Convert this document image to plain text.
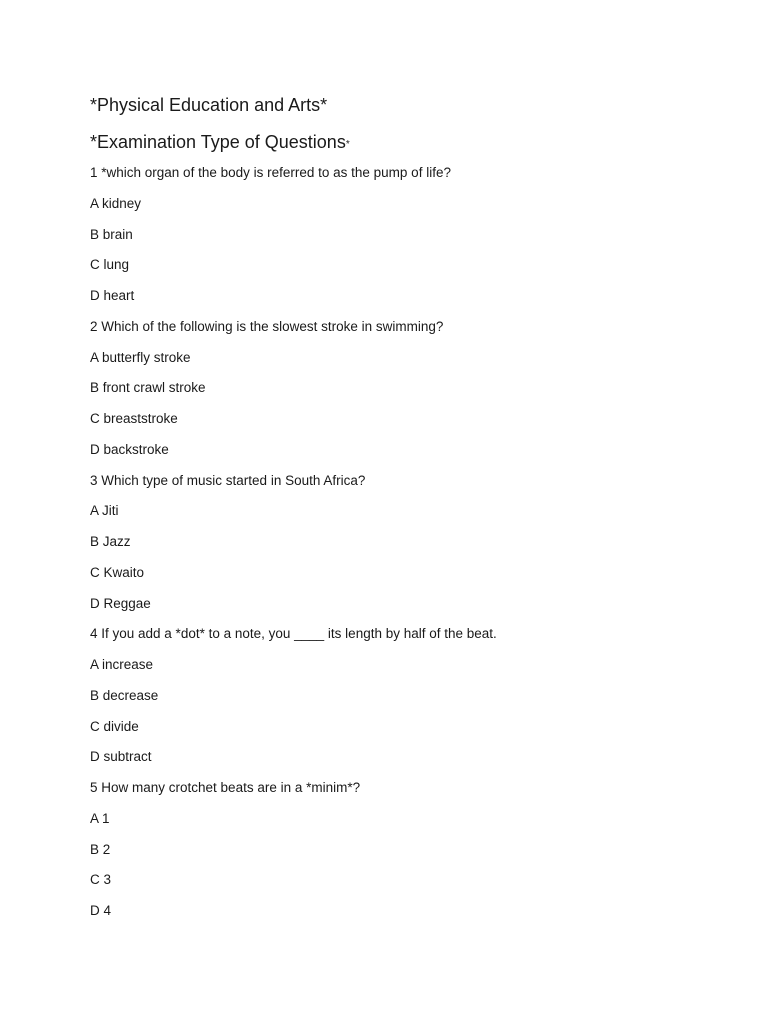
*Physical Education and Arts*
*Examination Type of Questions*
1 *which organ of the body is referred to as the pump of life?
A kidney
B brain
C lung
D heart
2 Which of the following is the slowest stroke in swimming?
A butterfly stroke
B front crawl stroke
C breaststroke
D backstroke
3 Which type of music started in South Africa?
A Jiti
B Jazz
C Kwaito
D Reggae
4 If you add a *dot* to a note, you ____ its length by half of the beat.
A increase
B decrease
C divide
D subtract
5 How many crotchet beats are in a *minim*?
A 1
B 2
C 3
D 4
